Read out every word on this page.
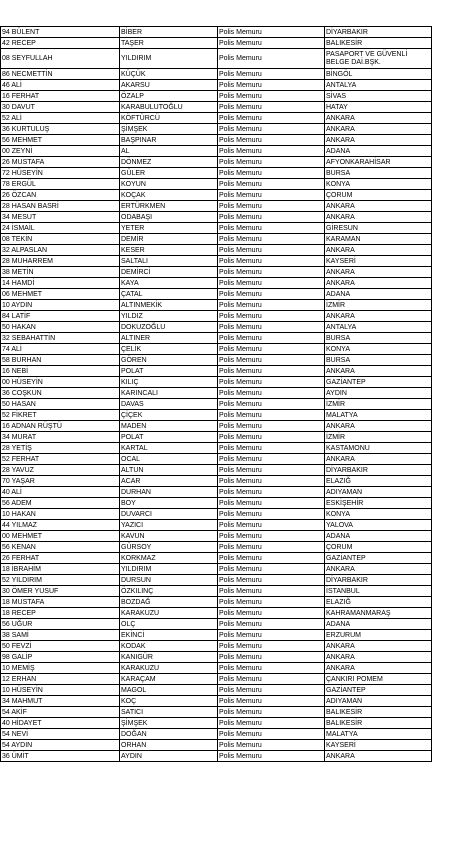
94 BÜLENT	BİBER	Polis Memuru	DİYARBAKIR
42 RECEP	TAŞER	Polis Memuru	BALIKESİR
08 SEYFULLAH	YILDIRIM	Polis Memuru	PASAPORT VE GÜVENLİ BELGE DAİ.BŞK.
86 NECMETTİN	KÜÇÜK	Polis Memuru	BİNGÖL
46 ALİ	AKARSU	Polis Memuru	ANTALYA
16 FERHAT	ÖZALP	Polis Memuru	SİVAS
30 DAVUT	KARABULUTOĞLU	Polis Memuru	HATAY
52 ALİ	KÖFTÜRCÜ	Polis Memuru	ANKARA
36 KURTULUŞ	ŞİMŞEK	Polis Memuru	ANKARA
56 MEHMET	BAŞPINAR	Polis Memuru	ANKARA
00 ZEYNİ	AL	Polis Memuru	ADANA
26 MUSTAFA	DÖNMEZ	Polis Memuru	AFYONKARAHİSAR
72 HÜSEYİN	GÜLER	Polis Memuru	BURSA
78 ERGÜL	KOYUN	Polis Memuru	KONYA
26 ÖZCAN	KOÇAK	Polis Memuru	ÇORUM
28 HASAN BASRİ	ERTÜRKMEN	Polis Memuru	ANKARA
34 MESUT	ODABAŞI	Polis Memuru	ANKARA
24 İSMAİL	YETER	Polis Memuru	GİRESUN
08 TEKİN	DEMİR	Polis Memuru	KARAMAN
32 ALPASLAN	KESER	Polis Memuru	ANKARA
28 MUHARREM	SALTALI	Polis Memuru	KAYSERİ
38 METİN	DEMİRCİ	Polis Memuru	ANKARA
14 HAMDİ	KAYA	Polis Memuru	ANKARA
06 MEHMET	ÇATAL	Polis Memuru	ADANA
10 AYDIN	ALTINMEKİK	Polis Memuru	İZMİR
84 LATİF	YILDIZ	Polis Memuru	ANKARA
50 HAKAN	DOKUZOĞLU	Polis Memuru	ANTALYA
32 SEBAHATTİN	ALTINER	Polis Memuru	BURSA
74 ALİ	ÇELİK	Polis Memuru	KONYA
58 BURHAN	GÖREN	Polis Memuru	BURSA
16 NEBİ	POLAT	Polis Memuru	ANKARA
00 HÜSEYİN	KILIÇ	Polis Memuru	GAZİANTEP
36 COŞKUN	KARINCALI	Polis Memuru	AYDIN
50 HASAN	DAVAS	Polis Memuru	İZMİR
52 FİKRET	ÇİÇEK	Polis Memuru	MALATYA
16 ADNAN RÜŞTÜ	MADEN	Polis Memuru	ANKARA
34 MURAT	POLAT	Polis Memuru	İZMİR
28 YETİŞ	KARTAL	Polis Memuru	KASTAMONU
52 FERHAT	OCAL	Polis Memuru	ANKARA
28 YAVUZ	ALTUN	Polis Memuru	DİYARBAKIR
70 YAŞAR	ACAR	Polis Memuru	ELAZIĞ
40 ALİ	DURHAN	Polis Memuru	ADIYAMAN
56 ADEM	BOY	Polis Memuru	ESKİŞEHİR
10 HAKAN	DUVARCI	Polis Memuru	KONYA
44 YILMAZ	YAZICI	Polis Memuru	YALOVA
00 MEHMET	KAVUN	Polis Memuru	ADANA
56 KENAN	GÜRSOY	Polis Memuru	ÇORUM
26 FERHAT	KORKMAZ	Polis Memuru	GAZİANTEP
18 İBRAHİM	YILDIRIM	Polis Memuru	ANKARA
52 YILDIRIM	DURSUN	Polis Memuru	DİYARBAKIR
30 ÖMER YUSUF	ÖZKILINÇ	Polis Memuru	İSTANBUL
18 MUSTAFA	BOZDAĞ	Polis Memuru	ELAZIĞ
18 RECEP	KARAKUZU	Polis Memuru	KAHRAMANMARAŞ
56 UĞUR	OLÇ	Polis Memuru	ADANA
38 SAMİ	EKİNCİ	Polis Memuru	ERZURUM
50 FEVZİ	KODAK	Polis Memuru	ANKARA
98 GALİP	KANIGÜR	Polis Memuru	ANKARA
10 MEMİŞ	KARAKUZU	Polis Memuru	ANKARA
12 ERHAN	KARAÇAM	Polis Memuru	ÇANKIRI POMEM
10 HÜSEYİN	MAGOL	Polis Memuru	GAZİANTEP
34 MAHMUT	KOÇ	Polis Memuru	ADIYAMAN
54 AKİF	SATICI	Polis Memuru	BALIKESİR
40 HİDAYET	ŞİMŞEK	Polis Memuru	BALIKESİR
54 NEVİ	DOĞAN	Polis Memuru	MALATYA
54 AYDIN	ORHAN	Polis Memuru	KAYSERİ
36 ÜMİT	AYDIN	Polis Memuru	ANKARA
